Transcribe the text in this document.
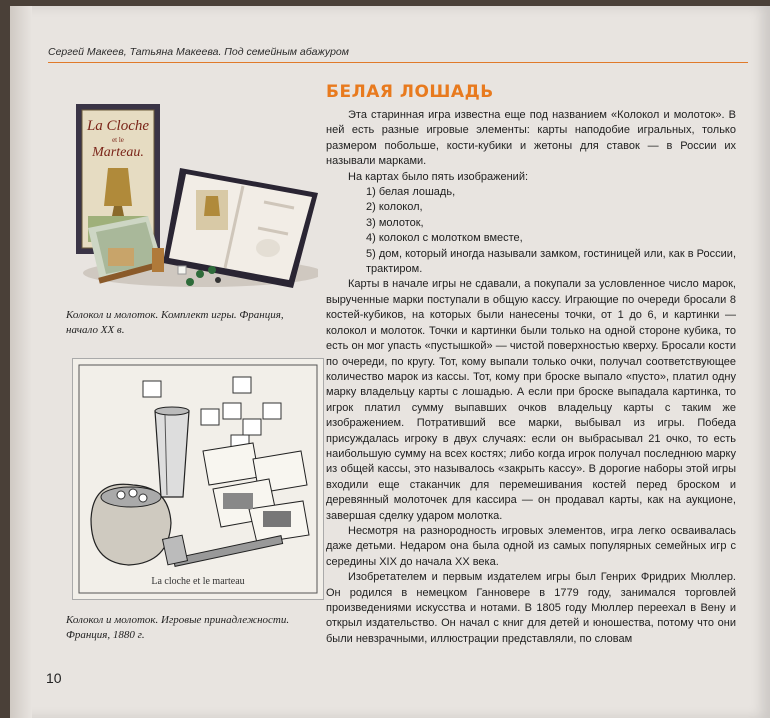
Сергей Макеев, Татьяна Макеева. Под семейным абажуром
La Cloche
et le
Marteau.
Колокол и молоток. Комплект игры. Франция, начало XX в.
La cloche et le marteau
Колокол и молоток. Игровые принадлежности. Франция, 1880 г.
БЕЛАЯ ЛОШАДЬ

Эта старинная игра известна еще под названием «Колокол и молоток». В ней есть разные игровые элементы: карты наподобие игральных, только размером побольше, кости-кубики и жетоны для ставок — в России их называли марками.

На картах было пять изображений:

1) белая лошадь,
2) колокол,
3) молоток,
4) колокол с молотком вместе,
5) дом, который иногда называли замком, гостиницей или, как в России, трактиром.

Карты в начале игры не сдавали, а покупали за условленное число марок, вырученные марки поступали в общую кассу. Играющие по очереди бросали 8 костей-кубиков, на которых были нанесены точки, от 1 до 6, и картинки — колокол и молоток. Точки и картинки были только на одной стороне кубика, то есть он мог упасть «пустышкой» — чистой поверхностью кверху. Бросали кости по очереди, по кругу. Тот, кому выпали только очки, получал соответствующее количество марок из кассы. Тот, кому при броске выпало «пусто», платил одну марку владельцу карты с лошадью. А если при броске выпадала картинка, то игрок платил сумму выпавших очков владельцу карты с таким же изображением. Потративший все марки, выбывал из игры. Победа присуждалась игроку в двух случаях: если он выбрасывал 21 очко, то есть наибольшую сумму на всех костях; либо когда игрок получал последнюю марку из общей кассы, это называлось «закрыть кассу». В дорогие наборы этой игры входили еще стаканчик для перемешивания костей перед броском и деревянный молоточек для кассира — он продавал карты, как на аукционе, завершая сделку ударом молотка.

Несмотря на разнородность игровых элементов, игра легко осваивалась даже детьми. Недаром она была одной из самых популярных семейных игр с середины XIX до начала XX века.

Изобретателем и первым издателем игры был Генрих Фридрих Мюллер. Он родился в немецком Ганновере в 1779 году, занимался торговлей произведениями искусства и нотами. В 1805 году Мюллер переехал в Вену и открыл издательство. Он начал с книг для детей и юношества, потому что они были невзрачными, иллюстрации представляли, по словам

10
